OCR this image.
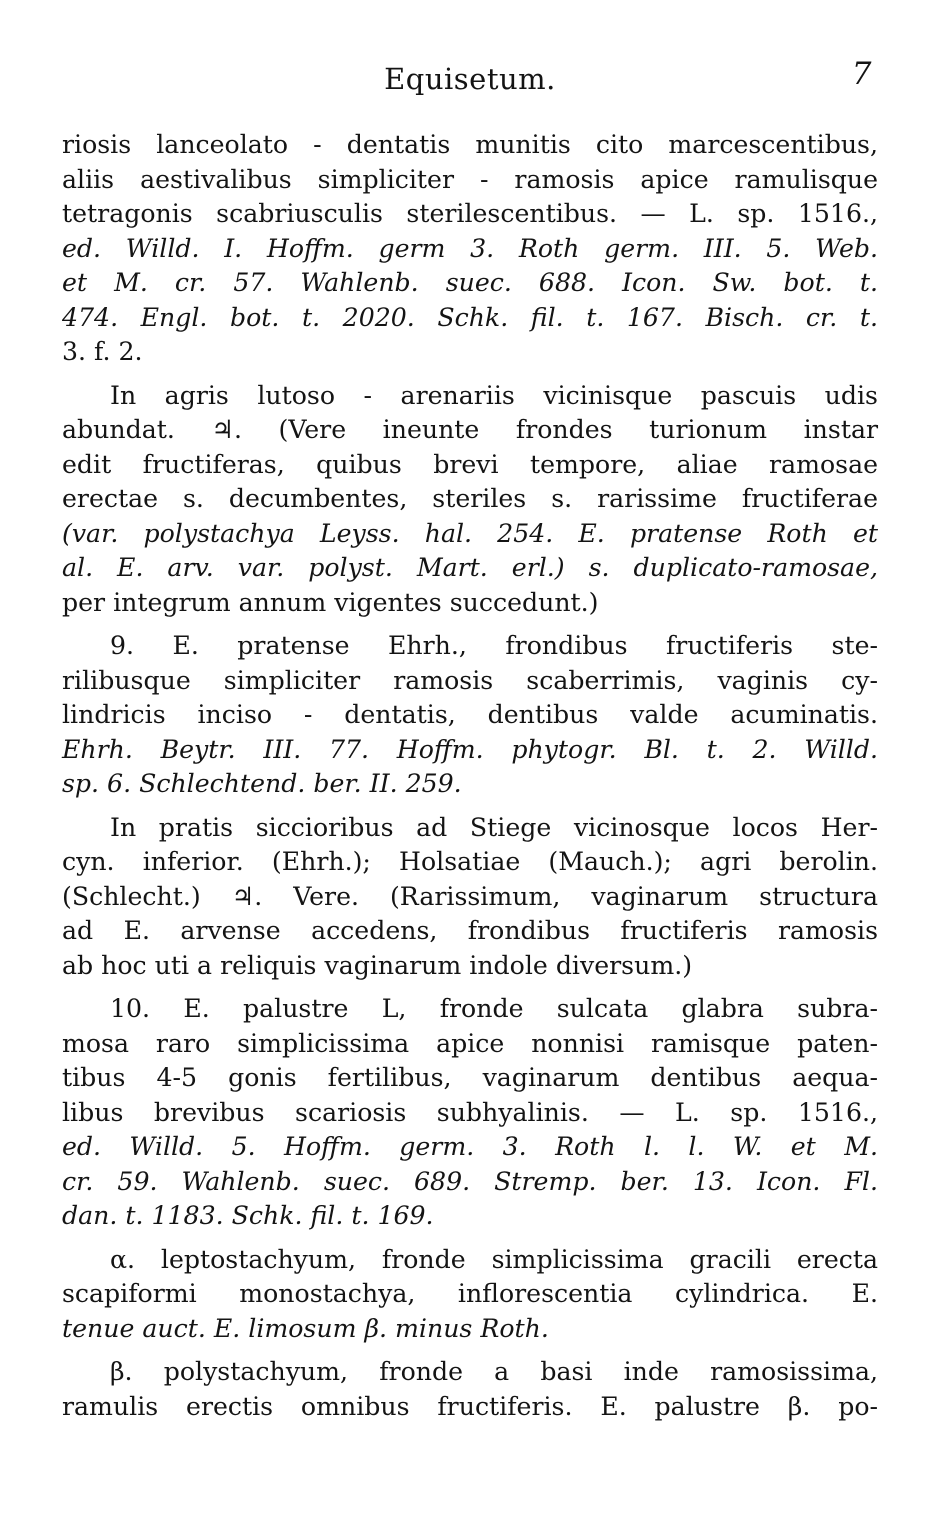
Equisetum.	7

riosis lanceolato - dentatis munitis cito marcescentibus,
aliis aestivalibus simpliciter - ramosis apice ramulisque
tetragonis scabriusculis sterilescentibus. — L. sp. 1516.,
ed. Willd. I. Hoffm. germ 3. Roth germ. III. 5. Web.
et M. cr. 57. Wahlenb. suec. 688. Icon. Sw. bot. t.
474. Engl. bot. t. 2020. Schk. fil. t. 167. Bisch. cr. t.
3. f. 2.

In agris lutoso - arenariis vicinisque pascuis udis
abundat. ♃. (Vere ineunte frondes turionum instar
edit fructiferas, quibus brevi tempore, aliae ramosae
erectae s. decumbentes, steriles s. rarissime fructiferae
(var. polystachya Leyss. hal. 254. E. pratense Roth et
al. E. arv. var. polyst. Mart. erl.) s. duplicato-ramosae,
per integrum annum vigentes succedunt.)

9. E. pratense Ehrh., frondibus fructiferis ste-
rilibusque simpliciter ramosis scaberrimis, vaginis cy-
lindricis inciso - dentatis, dentibus valde acuminatis.
Ehrh. Beytr. III. 77. Hoffm. phytogr. Bl. t. 2. Willd.
sp. 6. Schlechtend. ber. II. 259.

In pratis siccioribus ad Stiege vicinosque locos Her-
cyn. inferior. (Ehrh.); Holsatiae (Mauch.); agri berolin.
(Schlecht.) ♃. Vere. (Rarissimum, vaginarum structura
ad E. arvense accedens, frondibus fructiferis ramosis
ab hoc uti a reliquis vaginarum indole diversum.)

10. E. palustre L, fronde sulcata glabra subra-
mosa raro simplicissima apice nonnisi ramisque paten-
tibus 4-5 gonis fertilibus, vaginarum dentibus aequa-
libus brevibus scariosis subhyalinis. — L. sp. 1516.,
ed. Willd. 5. Hoffm. germ. 3. Roth l. l. W. et M.
cr. 59. Wahlenb. suec. 689. Stremp. ber. 13. Icon. Fl.
dan. t. 1183. Schk. fil. t. 169.

α. leptostachyum, fronde simplicissima gracili erecta
scapiformi monostachya, inflorescentia cylindrica. E.
tenue auct. E. limosum β. minus Roth.

β. polystachyum, fronde a basi inde ramosissima,
ramulis erectis omnibus fructiferis. E. palustre β. po-
